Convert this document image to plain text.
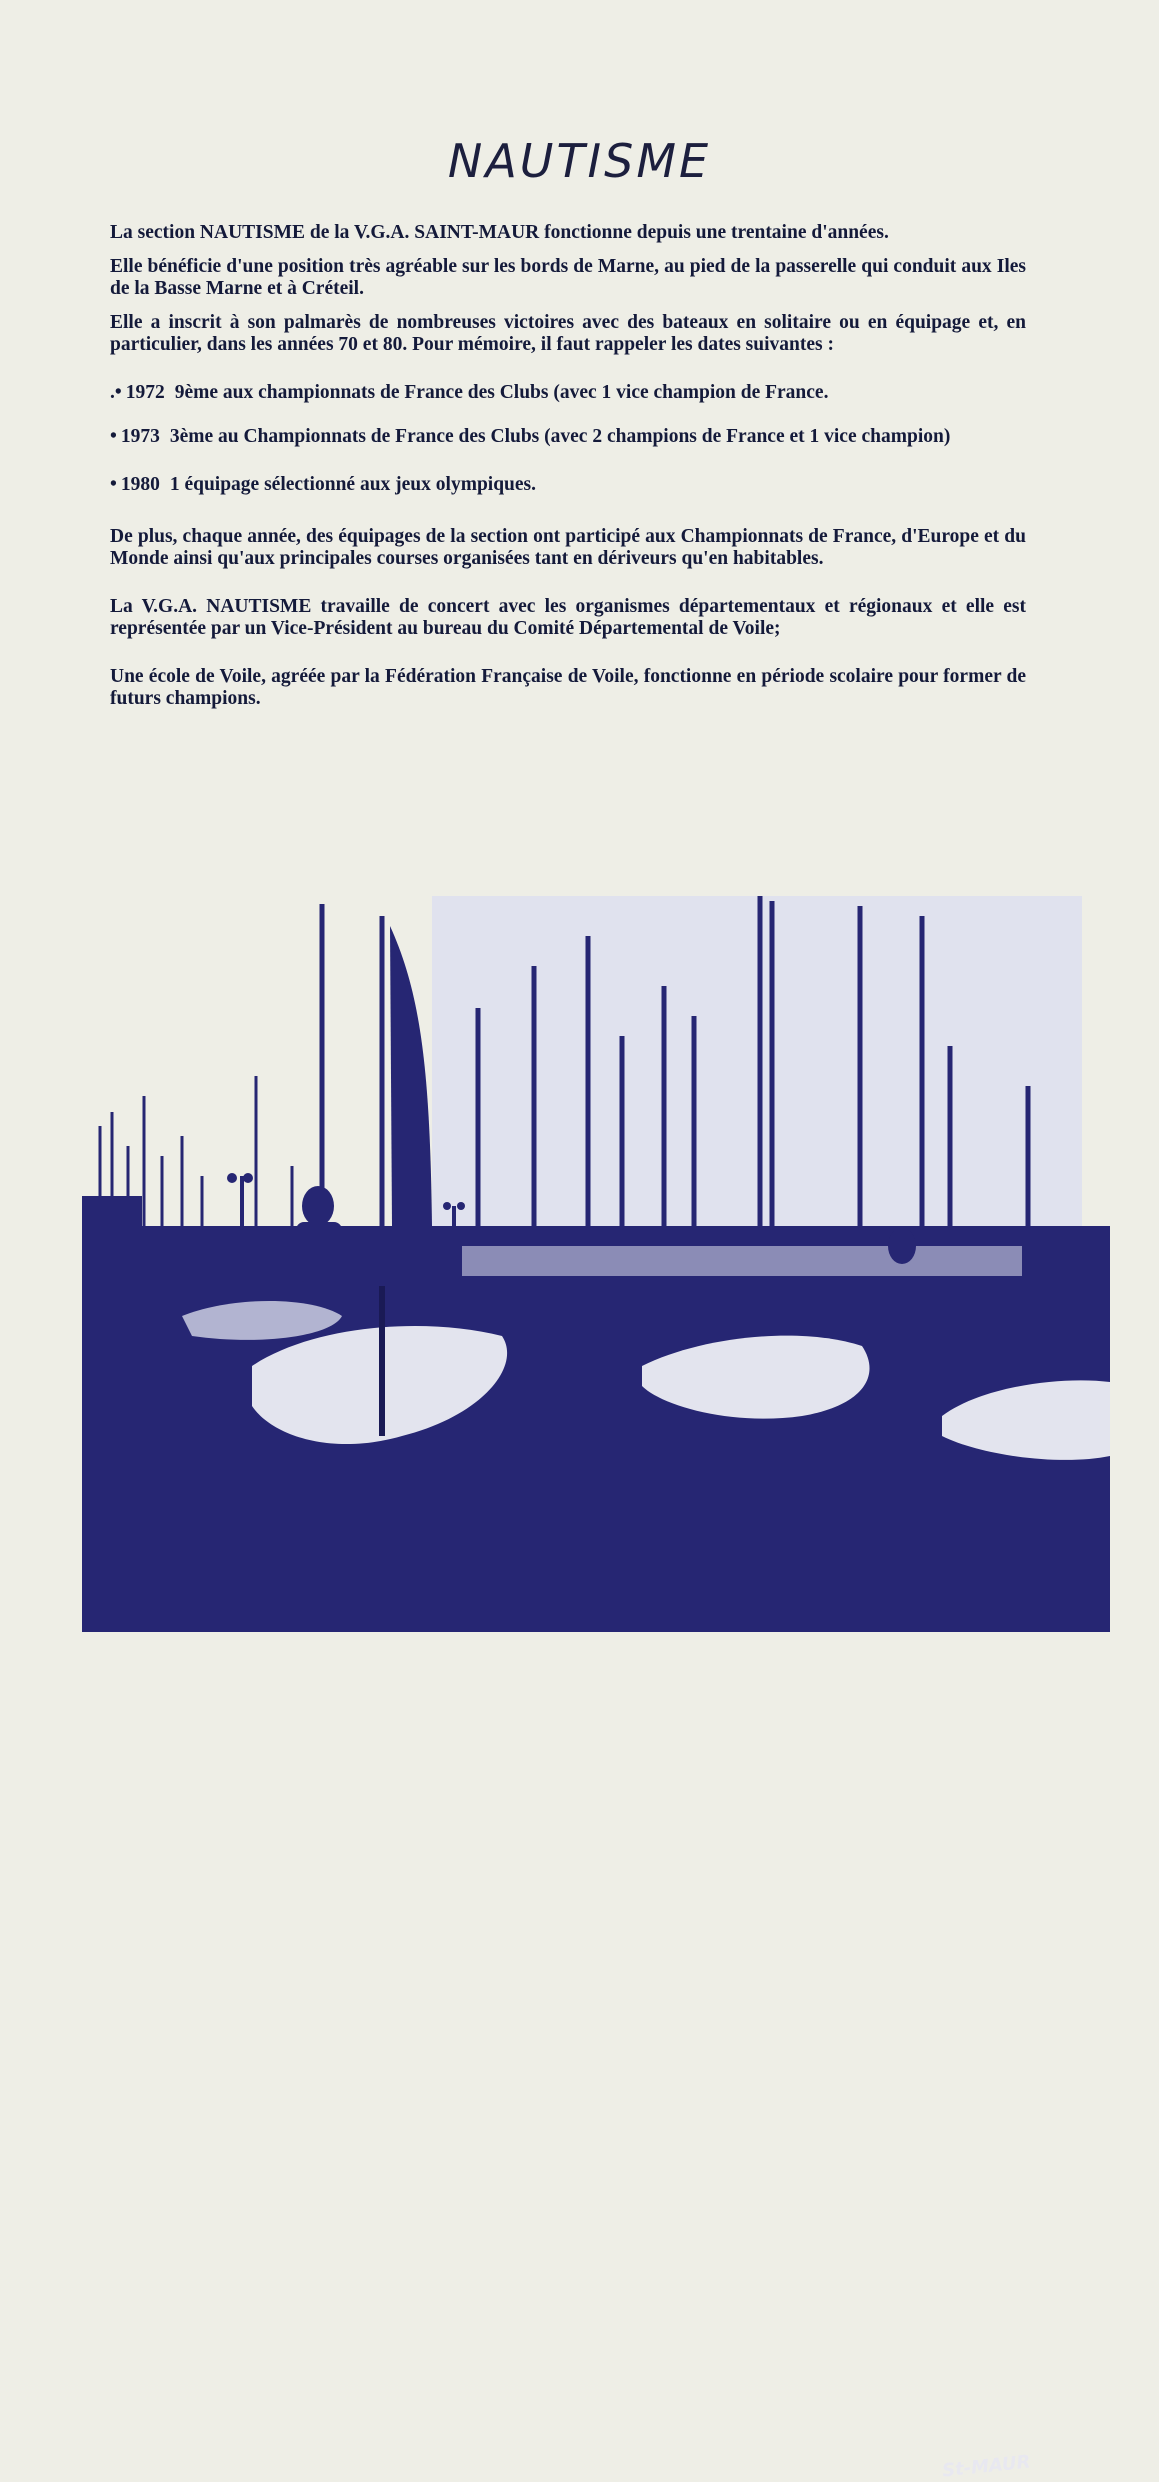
NAUTISME

La section NAUTISME de la V.G.A. SAINT-MAUR fonctionne depuis une trentaine d'années.

Elle bénéficie d'une position très agréable sur les bords de Marne, au pied de la passerelle qui conduit aux Iles de la Basse Marne et à Créteil.

Elle a inscrit à son palmarès de nombreuses victoires avec des bateaux en solitaire ou en équipage et, en particulier, dans les années 70 et 80. Pour mémoire, il faut rappeler les dates suivantes :

.• 1972 9ème aux championnats de France des Clubs (avec 1 vice champion de France.

• 1973 3ème au Championnats de France des Clubs (avec 2 champions de France et 1 vice champion)

• 1980 1 équipage sélectionné aux jeux olympiques.

De plus, chaque année, des équipages de la section ont participé aux Championnats de France, d'Europe et du Monde ainsi qu'aux principales courses organisées tant en dériveurs qu'en habitables.

La V.G.A. NAUTISME travaille de concert avec les organismes départementaux et régionaux et elle est représentée par un Vice-Président au bureau du Comité Départemental de Voile;

Une école de Voile, agréée par la Fédération Française de Voile, fonctionne en période scolaire pour former de futurs champions.

St-MAUR
